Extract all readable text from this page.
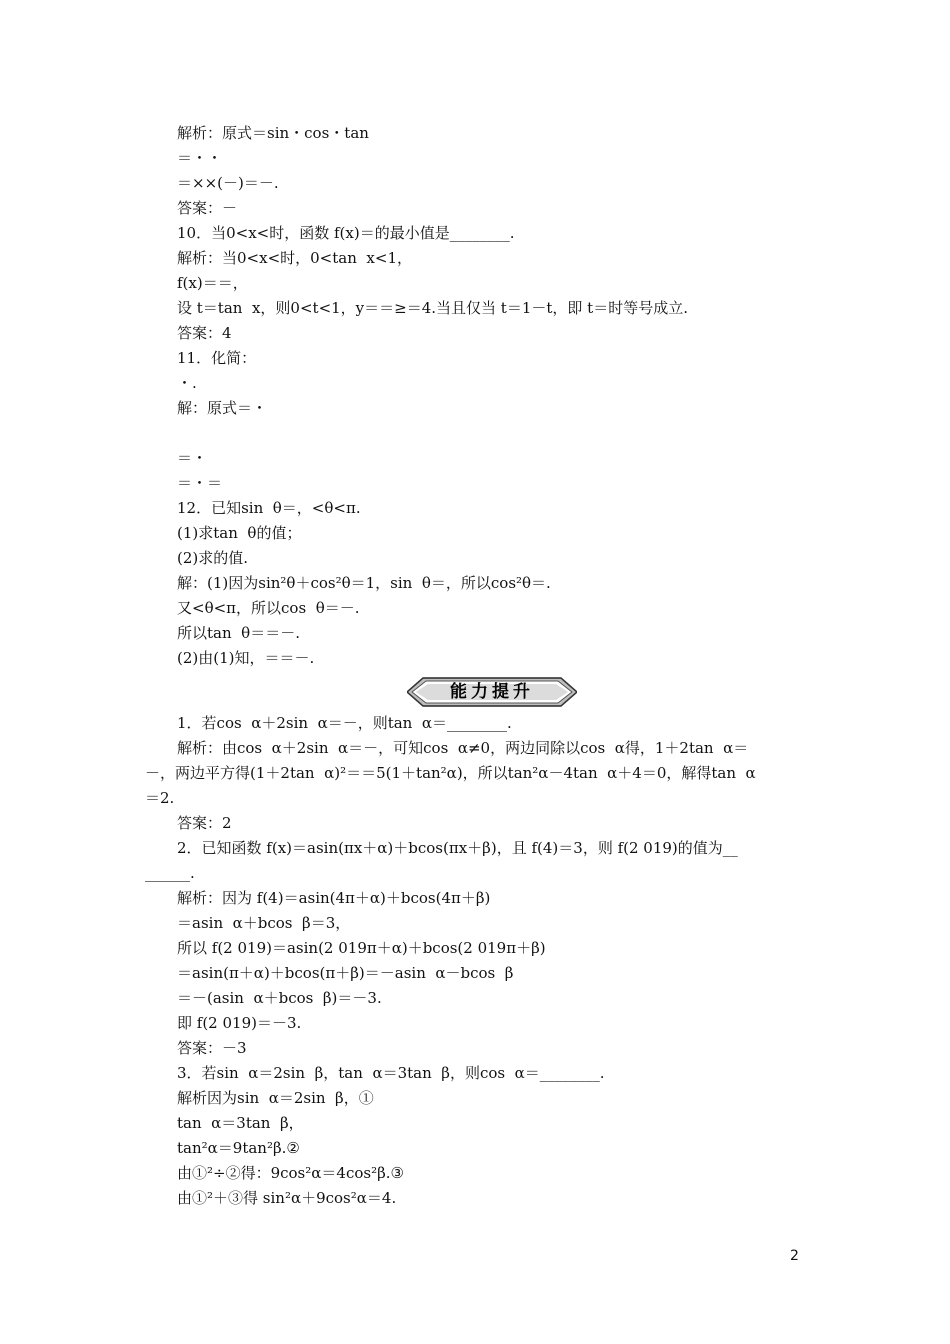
解析：原式＝sin・cos・tan
＝・・
＝××(－)＝－.
答案：－
10．当0<x<时，函数 f(x)＝的最小值是________.
解析：当0<x<时，0<tan  x<1，
f(x)＝＝，
设 t＝tan  x，则0<t<1，y＝＝≥＝4.当且仅当 t＝1－t，即 t＝时等号成立.
答案：4
11．化简：
・.
解：原式＝・
＝・
＝・＝
12．已知sin  θ＝，<θ<π.
(1)求tan  θ的值；
(2)求的值.
解：(1)因为sin²θ＋cos²θ＝1，sin  θ＝，所以cos²θ＝.
又<θ<π，所以cos  θ＝－.
所以tan  θ＝＝－.
(2)由(1)知，＝＝－.
能力提升
1．若cos  α＋2sin  α＝－，则tan  α＝________.
解析：由cos  α＋2sin  α＝－，可知cos  α≠0，两边同除以cos  α得，1＋2tan  α＝
－，两边平方得(1＋2tan  α)²＝＝5(1＋tan²α)，所以tan²α－4tan  α＋4＝0，解得tan  α
＝2.
答案：2
2．已知函数 f(x)＝asin(πx＋α)＋bcos(πx＋β)，且 f(4)＝3，则 f(2 019)的值为__
______.
解析：因为 f(4)＝asin(4π＋α)＋bcos(4π＋β)
＝asin  α＋bcos  β＝3，
所以 f(2 019)＝asin(2 019π＋α)＋bcos(2 019π＋β)
＝asin(π＋α)＋bcos(π＋β)＝－asin  α－bcos  β
＝－(asin  α＋bcos  β)＝－3.
即 f(2 019)＝－3.
答案：－3
3．若sin  α＝2sin  β，tan  α＝3tan  β，则cos  α＝________.
解析因为sin  α＝2sin  β，①
tan  α＝3tan  β，
tan²α＝9tan²β.②
由①²÷②得：9cos²α＝4cos²β.③
由①²＋③得 sin²α＋9cos²α＝4.
2
